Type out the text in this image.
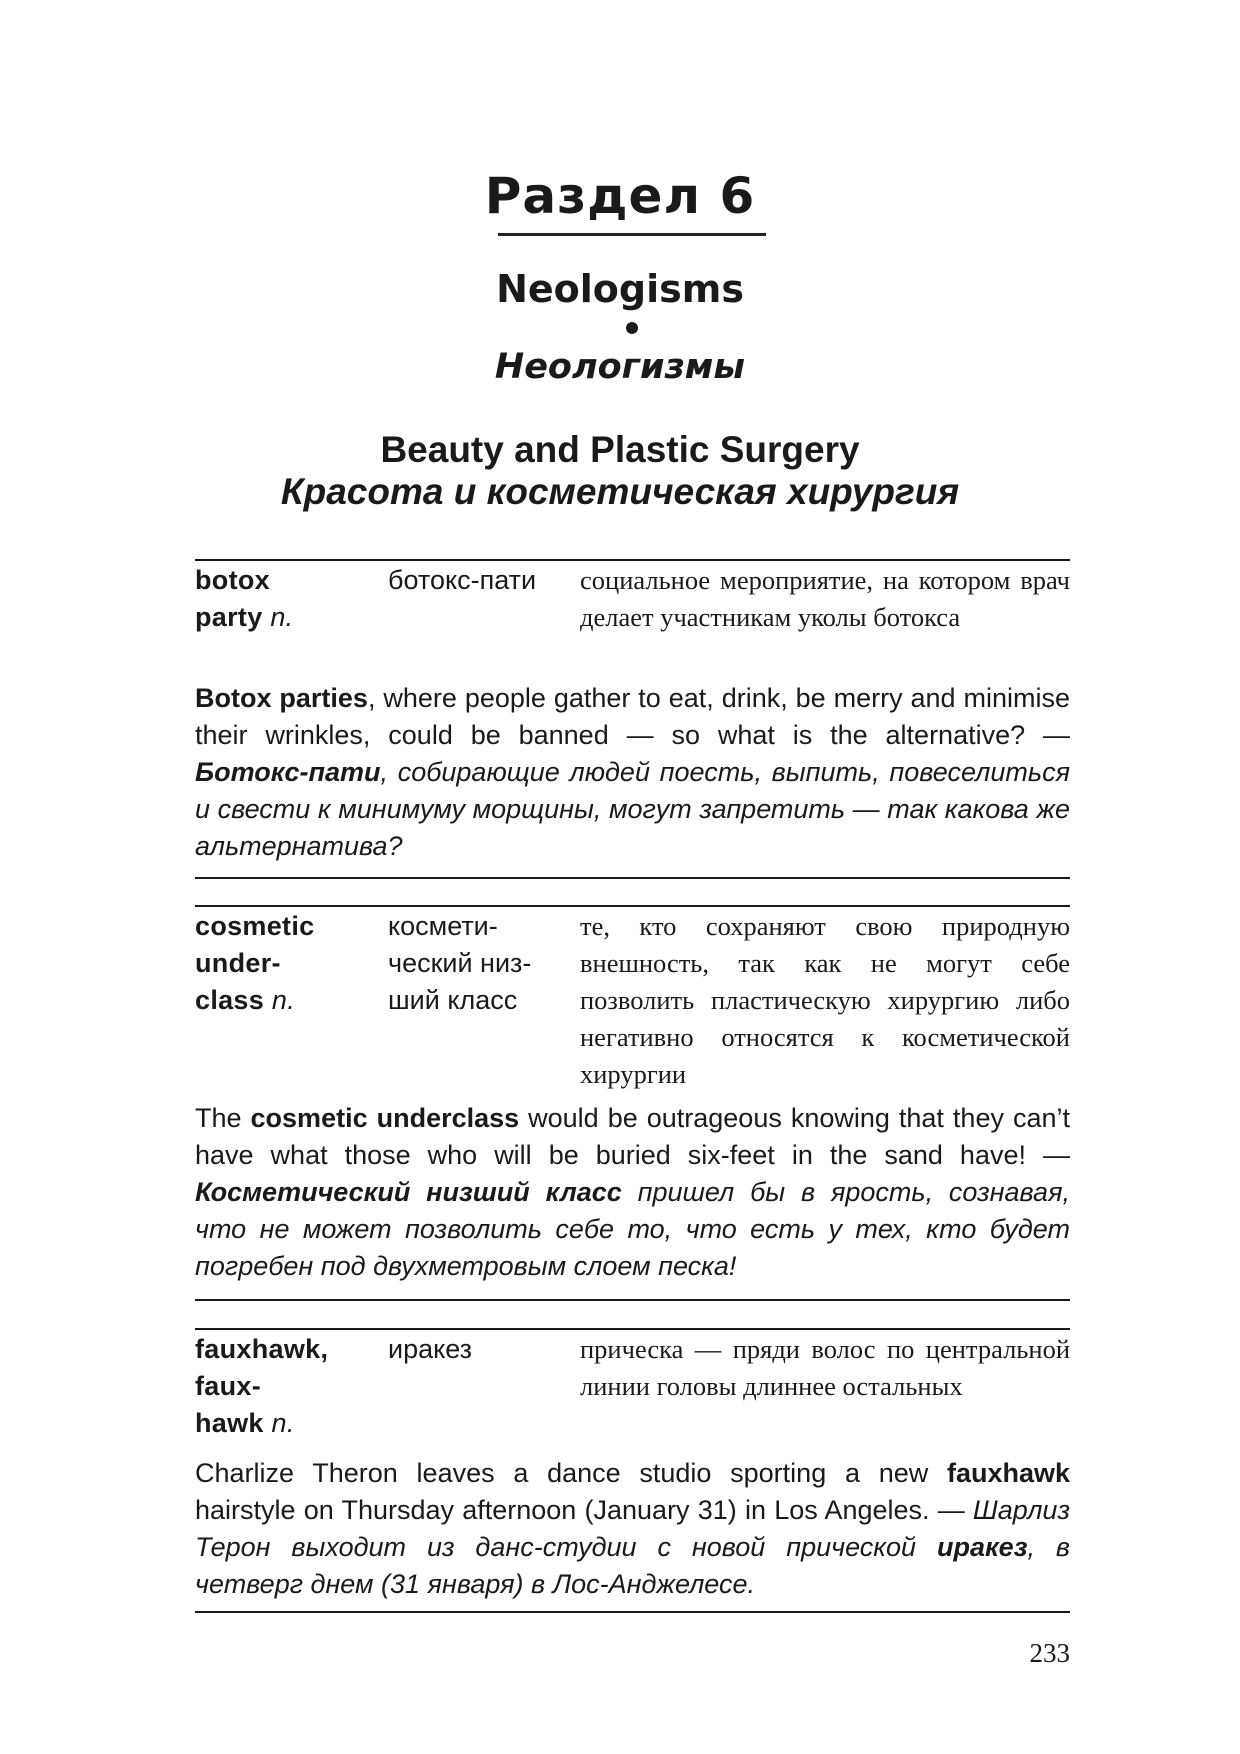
Раздел 6
Neologisms
Неологизмы
Beauty and Plastic Surgery
Красота и косметическая хирургия
botox
party n.
ботокс-пати	социальное мероприятие, на котором врач делает участникам уколы ботокса
Botox parties, where people gather to eat, drink, be merry and minimise their wrinkles, could be banned — so what is the alternative? — Ботокс-пати, собирающие людей поесть, выпить, повеселиться и свести к минимуму морщины, могут запретить — так какова же альтернатива?
cosmetic
under-
class n.
космети-
ческий низ-
ший класс
те, кто сохраняют свою природную внешность, так как не могут себе позволить пластическую хирургию либо негативно относятся к косметической хирургии
The cosmetic underclass would be outrageous knowing that they can’t have what those who will be buried six-feet in the sand have! — Косметический низший класс пришел бы в ярость, сознавая, что не может позволить себе то, что есть у тех, кто будет погребен под двухметровым слоем песка!
fauxhawk,
faux-
hawk n.
иракез	прическа — пряди волос по центральной линии головы длиннее остальных
Charlize Theron leaves a dance studio sporting a new fauxhawk hairstyle on Thursday afternoon (January 31) in Los Angeles. — Шарлиз Терон выходит из данс-студии с новой прической иракез, в четверг днем (31 января) в Лос-Анджелесе.
233
